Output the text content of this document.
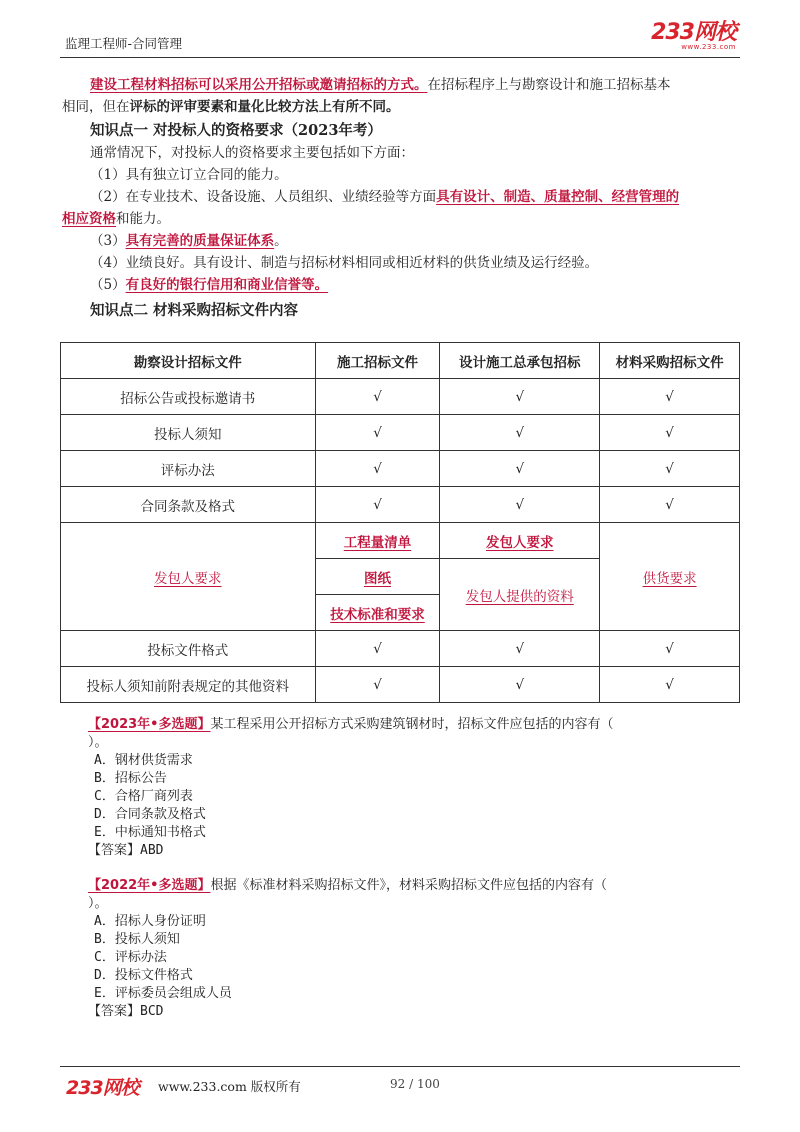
监理工程师-合同管理	233网校
www.233.com
建设工程材料招标可以采用公开招标或邀请招标的方式。在招标程序上与勘察设计和施工招标基本
相同，但在评标的评审要素和量化比较方法上有所不同。
知识点一 对投标人的资格要求（2023年考）
通常情况下，对投标人的资格要求主要包括如下方面：
（1）具有独立订立合同的能力。
（2）在专业技术、设备设施、人员组织、业绩经验等方面具有设计、制造、质量控制、经营管理的
相应资格和能力。
（3）具有完善的质量保证体系。
（4）业绩良好。具有设计、制造与招标材料相同或相近材料的供货业绩及运行经验。
（5）有良好的银行信用和商业信誉等。
知识点二 材料采购招标文件内容
勘察设计招标文件	施工招标文件	设计施工总承包招标	材料采购招标文件
招标公告或投标邀请书	√	√	√
投标人须知	√	√	√
评标办法	√	√	√
合同条款及格式	√	√	√
发包人要求	工程量清单	发包人要求	供货要求
	图纸	发包人提供的资料	
	技术标准和要求		
投标文件格式	√	√	√
投标人须知前附表规定的其他资料	√	√	√
【2023年•多选题】某工程采用公开招标方式采购建筑钢材时，招标文件应包括的内容有（
）。
A．钢材供货需求
B．招标公告
C．合格厂商列表
D．合同条款及格式
E．中标通知书格式
【答案】ABD
【2022年•多选题】根据《标准材料采购招标文件》，材料采购招标文件应包括的内容有（
）。
A．招标人身份证明
B．投标人须知
C．评标办法
D．投标文件格式
E．评标委员会组成人员
【答案】BCD
233网校 www.233.com 版权所有	92 / 100
